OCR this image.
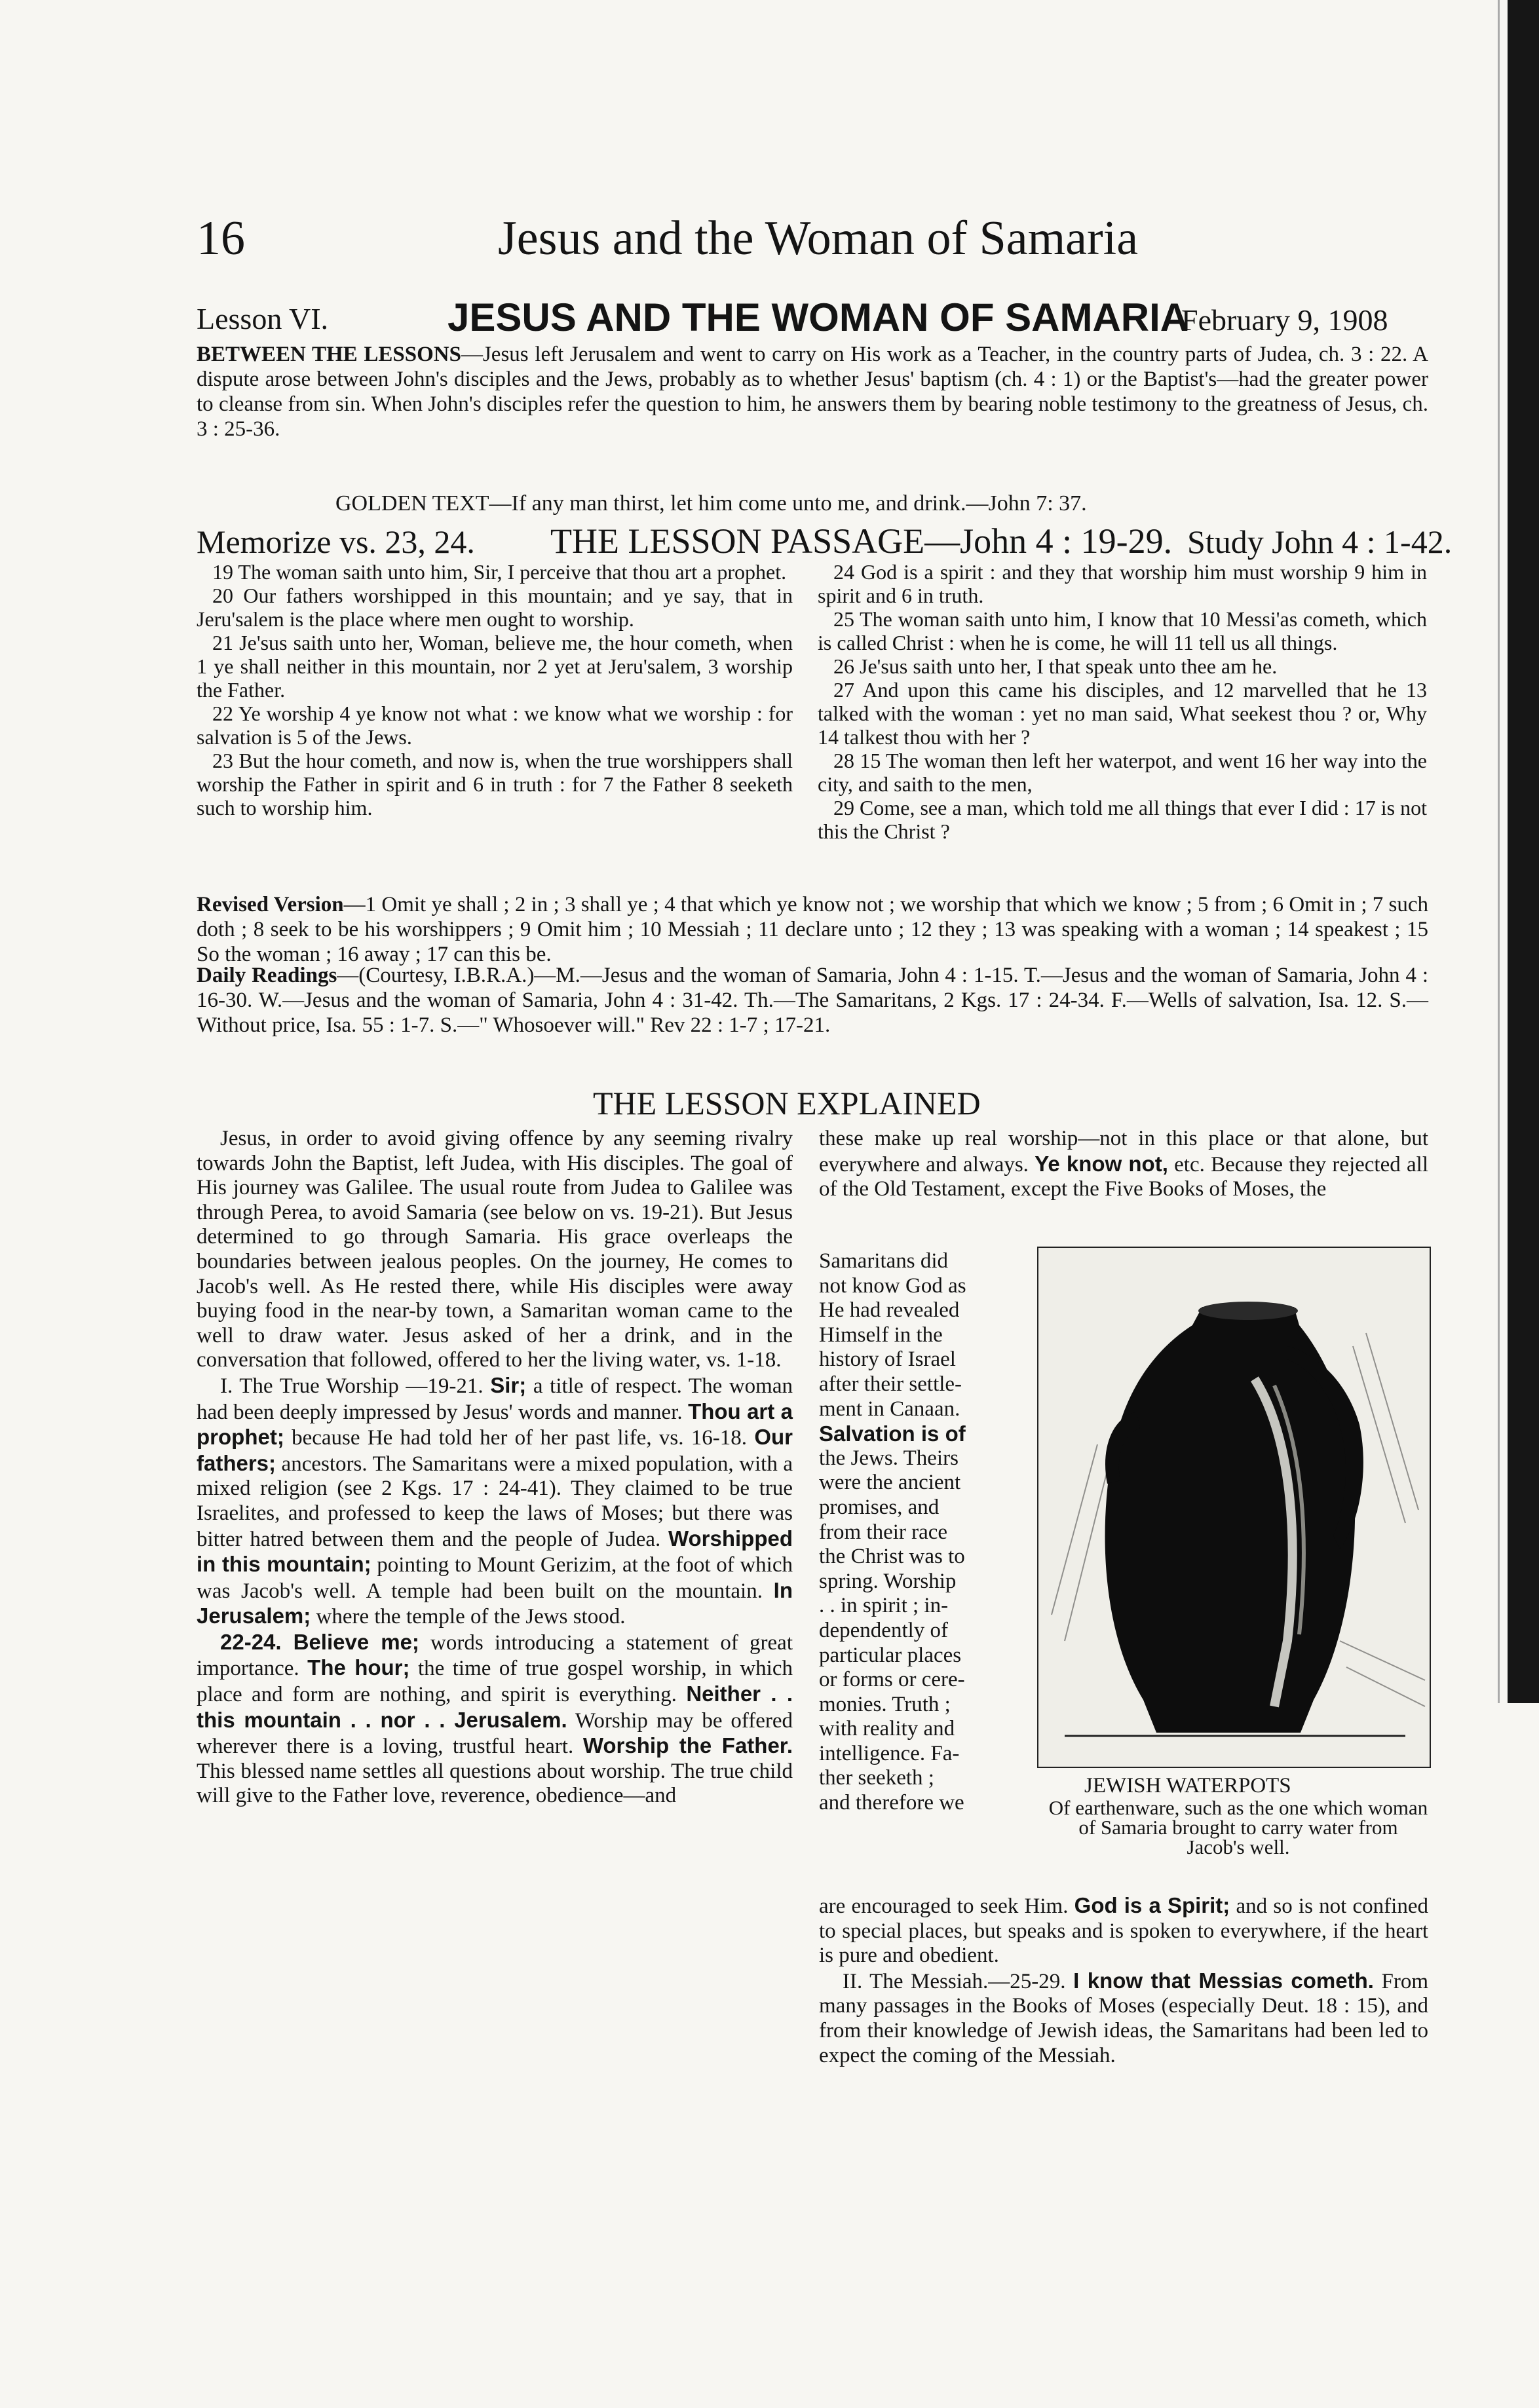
16	Jesus and the Woman of Samaria
Lesson VI.	JESUS AND THE WOMAN OF SAMARIA
February 9, 1908

BETWEEN THE LESSONS—Jesus left Jerusalem and went to carry on His work as a Teacher, in the country parts of Judea, ch. 3 : 22. A dispute arose between John's disciples and the Jews, probably as to whether Jesus' baptism (ch. 4 : 1) or the Baptist's—had the greater power to cleanse from sin. When John's disciples refer the question to him, he answers them by bearing noble testimony to the greatness of Jesus, ch. 3 : 25-36.

GOLDEN TEXT—If any man thirst, let him come unto me, and drink.—John 7: 37.
Memorize vs. 23, 24. THE LESSON PASSAGE—John 4 : 19-29. Study John 4 : 1-42.

19 The woman saith unto him, Sir, I perceive that thou art a prophet.

20 Our fathers worshipped in this mountain; and ye say, that in Jeru'salem is the place where men ought to worship.

21 Je'sus saith unto her, Woman, believe me, the hour cometh, when 1 ye shall neither in this mountain, nor 2 yet at Jeru'salem, 3 worship the Father.

22 Ye worship 4 ye know not what : we know what we worship : for salvation is 5 of the Jews.

23 But the hour cometh, and now is, when the true worshippers shall worship the Father in spirit and 6 in truth : for 7 the Father 8 seeketh such to worship him.

24 God is a spirit : and they that worship him must worship 9 him in spirit and 6 in truth.

25 The woman saith unto him, I know that 10 Messi'as cometh, which is called Christ : when he is come, he will 11 tell us all things.

26 Je'sus saith unto her, I that speak unto thee am he.

27 And upon this came his disciples, and 12 marvelled that he 13 talked with the woman : yet no man said, What seekest thou ? or, Why 14 talkest thou with her ?

28 15 The woman then left her waterpot, and went 16 her way into the city, and saith to the men,

29 Come, see a man, which told me all things that ever I did : 17 is not this the Christ ?

Revised Version—1 Omit ye shall ; 2 in ; 3 shall ye ; 4 that which ye know not ; we worship that which we know ; 5 from ; 6 Omit in ; 7 such doth ; 8 seek to be his worshippers ; 9 Omit him ; 10 Messiah ; 11 declare unto ; 12 they ; 13 was speaking with a woman ; 14 speakest ; 15 So the woman ; 16 away ; 17 can this be.

Daily Readings—(Courtesy, I.B.R.A.)—M.—Jesus and the woman of Samaria, John 4 : 1-15. T.—Jesus and the woman of Samaria, John 4 : 16-30. W.—Jesus and the woman of Samaria, John 4 : 31-42. Th.—The Samaritans, 2 Kgs. 17 : 24-34. F.—Wells of salvation, Isa. 12. S.—Without price, Isa. 55 : 1-7. S.—" Whosoever will." Rev 22 : 1-7 ; 17-21.

THE LESSON EXPLAINED

Jesus, in order to avoid giving offence by any seeming rivalry towards John the Baptist, left Judea, with His disciples. The goal of His journey was Galilee. The usual route from Judea to Galilee was through Perea, to avoid Samaria (see below on vs. 19-21). But Jesus determined to go through Samaria. His grace overleaps the boundaries between jealous peoples. On the journey, He comes to Jacob's well. As He rested there, while His disciples were away buying food in the near-by town, a Samaritan woman came to the well to draw water. Jesus asked of her a drink, and in the conversation that followed, offered to her the living water, vs. 1-18.

I. The True Worship —19-21. Sir; a title of respect. The woman had been deeply impressed by Jesus' words and manner. Thou art a prophet; because He had told her of her past life, vs. 16-18. Our fathers; ancestors. The Samaritans were a mixed population, with a mixed religion (see 2 Kgs. 17 : 24-41). They claimed to be true Israelites, and professed to keep the laws of Moses; but there was bitter hatred between them and the people of Judea. Worshipped in this mountain; pointing to Mount Gerizim, at the foot of which was Jacob's well. A temple had been built on the mountain. In Jerusalem; where the temple of the Jews stood.

22-24. Believe me; words introducing a statement of great importance. The hour; the time of true gospel worship, in which place and form are nothing, and spirit is everything. Neither . . this mountain . . nor . . Jerusalem. Worship may be offered wherever there is a loving, trustful heart. Worship the Father. This blessed name settles all questions about worship. The true child will give to the Father love, reverence, obedience—and

these make up real worship—not in this place or that alone, but everywhere and always. Ye know not, etc. Because they rejected all of the Old Testament, except the Five Books of Moses, the

Samaritans did
not know God as
He had revealed
Himself in the
history of Israel
after their settle-
ment in Canaan.
Salvation is of
the Jews. Theirs
were the ancient
promises, and
from their race
the Christ was to
spring. Worship
. . in spirit ; in-
dependently of
particular places
or forms or cere-
monies. Truth ;
with reality and
intelligence. Fa-
ther seeketh ;
and therefore we
JEWISH WATERPOTS
Of earthenware, such as the one which woman of Samaria brought to carry water from Jacob's well.

are encouraged to seek Him. God is a Spirit; and so is not confined to special places, but speaks and is spoken to everywhere, if the heart is pure and obedient.

II. The Messiah.—25-29. I know that Messias cometh. From many passages in the Books of Moses (especially Deut. 18 : 15), and from their knowledge of Jewish ideas, the Samaritans had been led to expect the coming of the Messiah.
